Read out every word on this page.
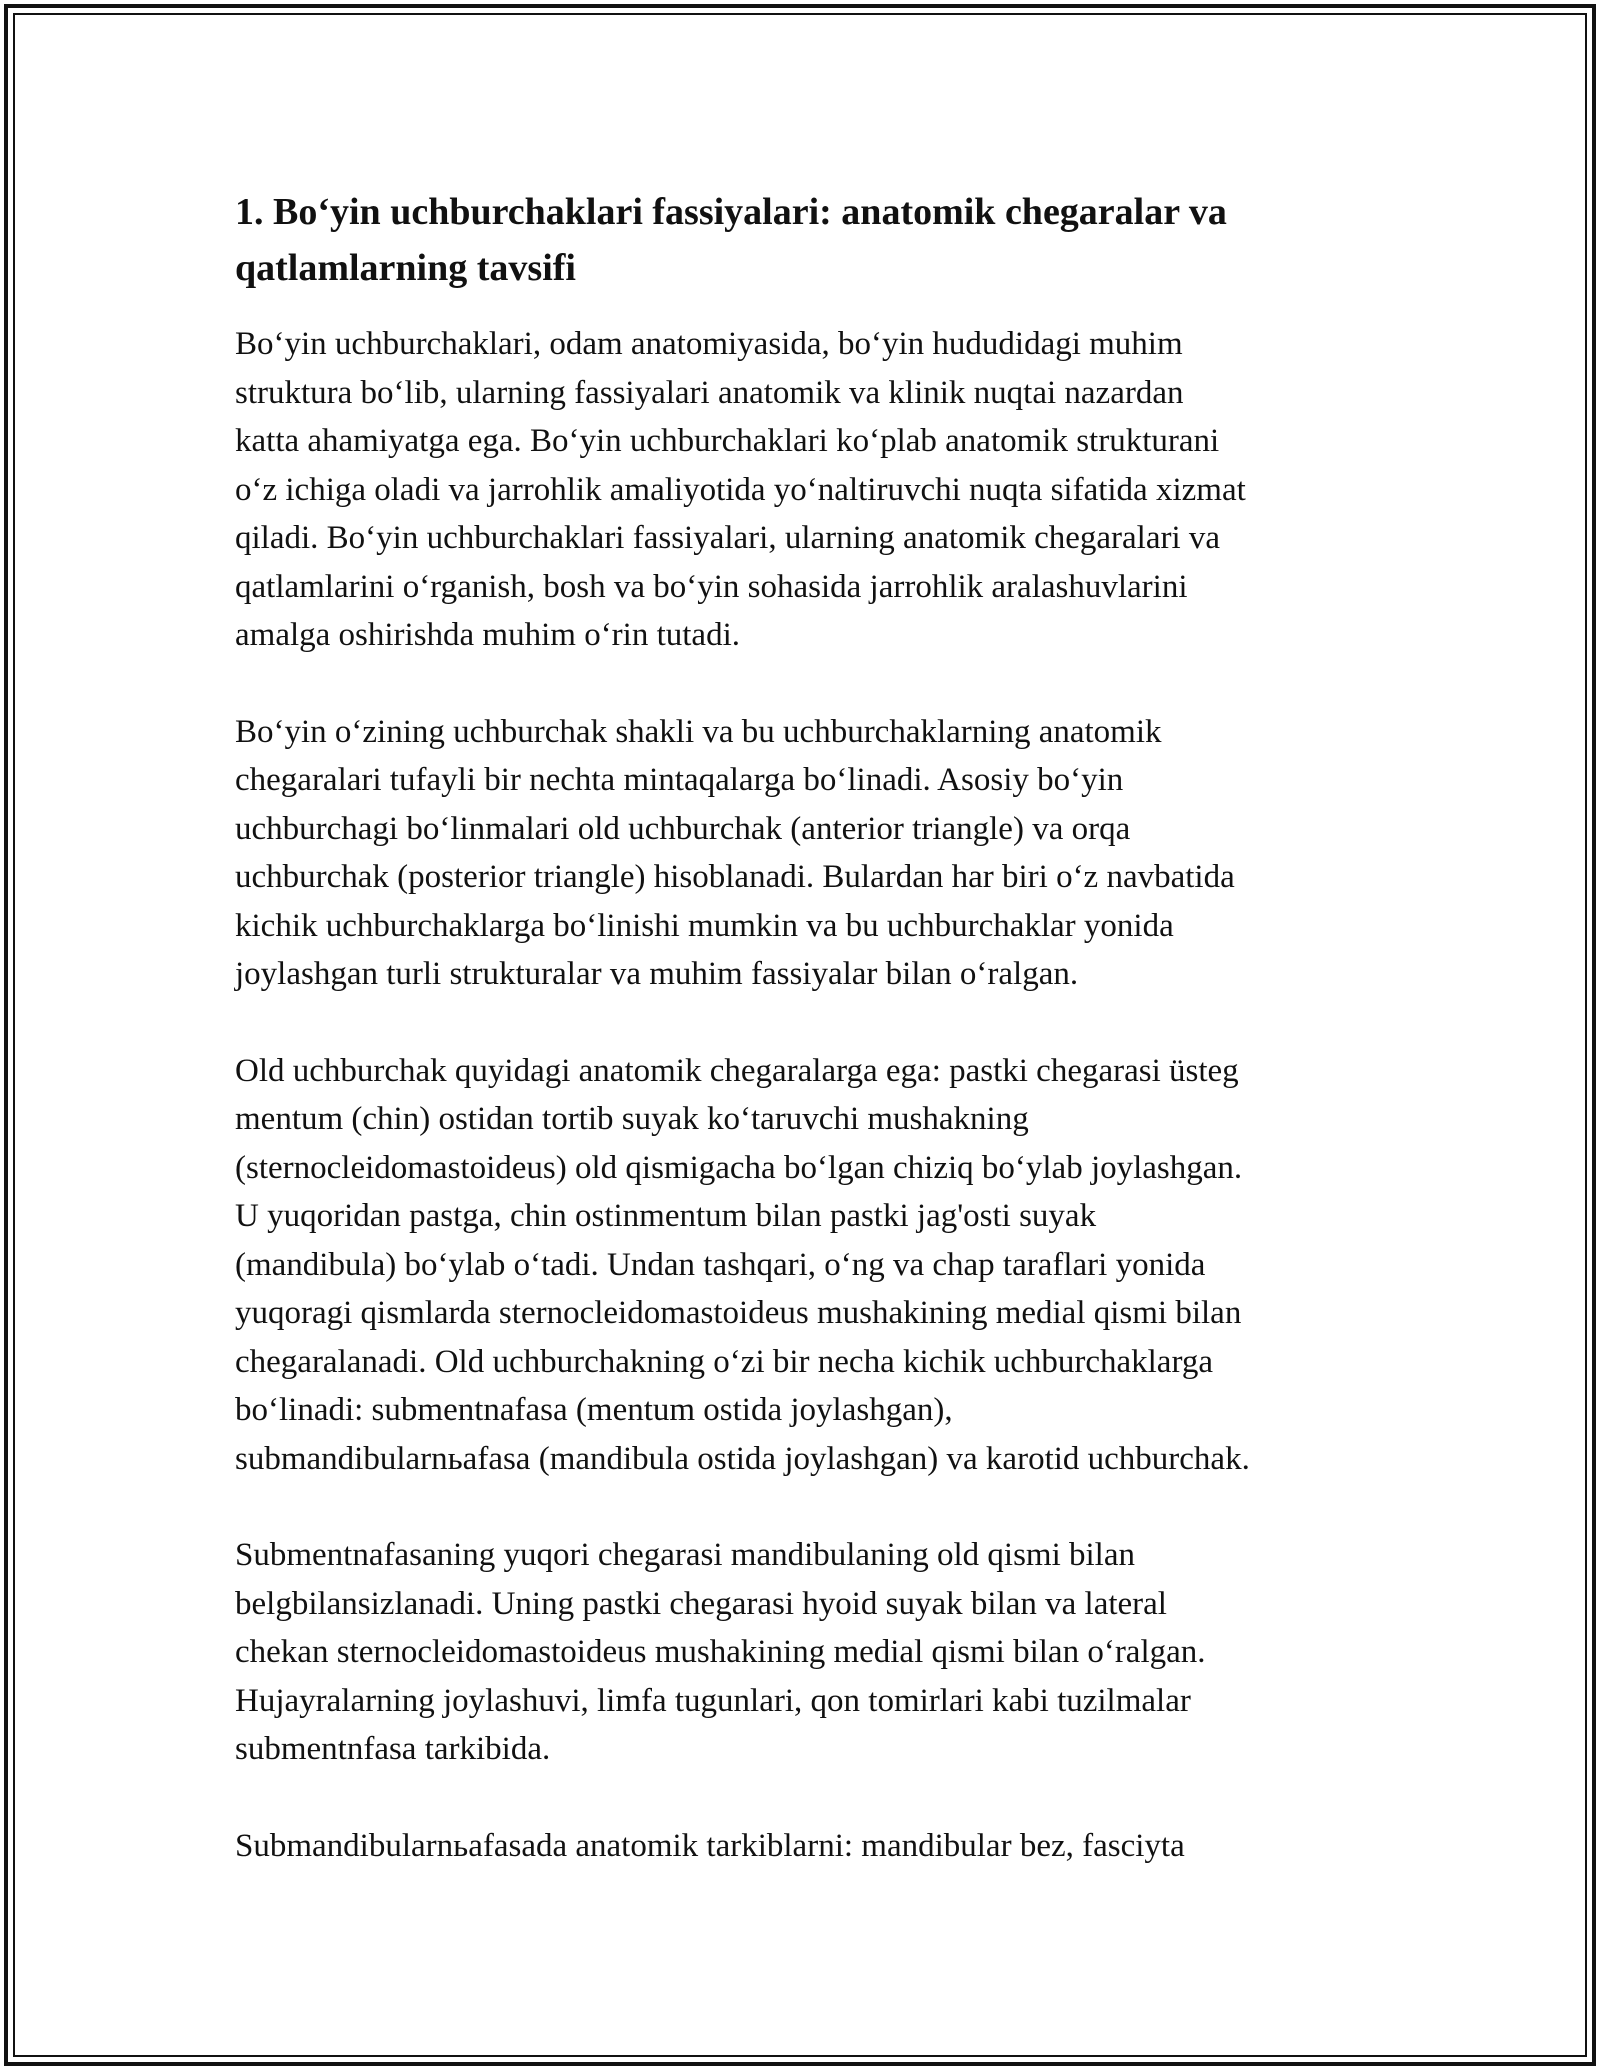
1. Bo‘yin uchburchaklari fassiyalari: anatomik chegaralar va
qatlamlarning tavsifi
Bo‘yin uchburchaklari, odam anatomiyasida, bo‘yin hududidagi muhim
struktura bo‘lib, ularning fassiyalari anatomik va klinik nuqtai nazardan
katta ahamiyatga ega. Bo‘yin uchburchaklari ko‘plab anatomik strukturani
o‘z ichiga oladi va jarrohlik amaliyotida yo‘naltiruvchi nuqta sifatida xizmat
qiladi. Bo‘yin uchburchaklari fassiyalari, ularning anatomik chegaralari va
qatlamlarini o‘rganish, bosh va bo‘yin sohasida jarrohlik aralashuvlarini
amalga oshirishda muhim o‘rin tutadi.
Bo‘yin o‘zining uchburchak shakli va bu uchburchaklarning anatomik
chegaralari tufayli bir nechta mintaqalarga bo‘linadi. Asosiy bo‘yin
uchburchagi bo‘linmalari old uchburchak (anterior triangle) va orqa
uchburchak (posterior triangle) hisoblanadi. Bulardan har biri o‘z navbatida
kichik uchburchaklarga bo‘linishi mumkin va bu uchburchaklar yonida
joylashgan turli strukturalar va muhim fassiyalar bilan o‘ralgan.
Old uchburchak quyidagi anatomik chegaralarga ega: pastki chegarasi üsteg
mentum (chin) ostidan tortib suyak ko‘taruvchi mushakning
(sternocleidomastoideus) old qismigacha bo‘lgan chiziq bo‘ylab joylashgan.
U yuqoridan pastga, chin ostinmentum bilan pastki jag'osti suyak
(mandibula) bo‘ylab o‘tadi. Undan tashqari, o‘ng va chap taraflari yonida
yuqoragi qismlarda sternocleidomastoideus mushakining medial qismi bilan
chegaralanadi. Old uchburchakning o‘zi bir necha kichik uchburchaklarga
bo‘linadi: submentnafasa (mentum ostida joylashgan),
submandibularnьafasa (mandibula ostida joylashgan) va karotid uchburchak.
Submentnafasaning yuqori chegarasi mandibulaning old qismi bilan
belgbilansizlanadi. Uning pastki chegarasi hyoid suyak bilan va lateral
chekan sternocleidomastoideus mushakining medial qismi bilan o‘ralgan.
Hujayralarning joylashuvi, limfa tugunlari, qon tomirlari kabi tuzilmalar
submentnfasa tarkibida.
Submandibularnьafasada anatomik tarkiblarni: mandibular bez, fasciyta
